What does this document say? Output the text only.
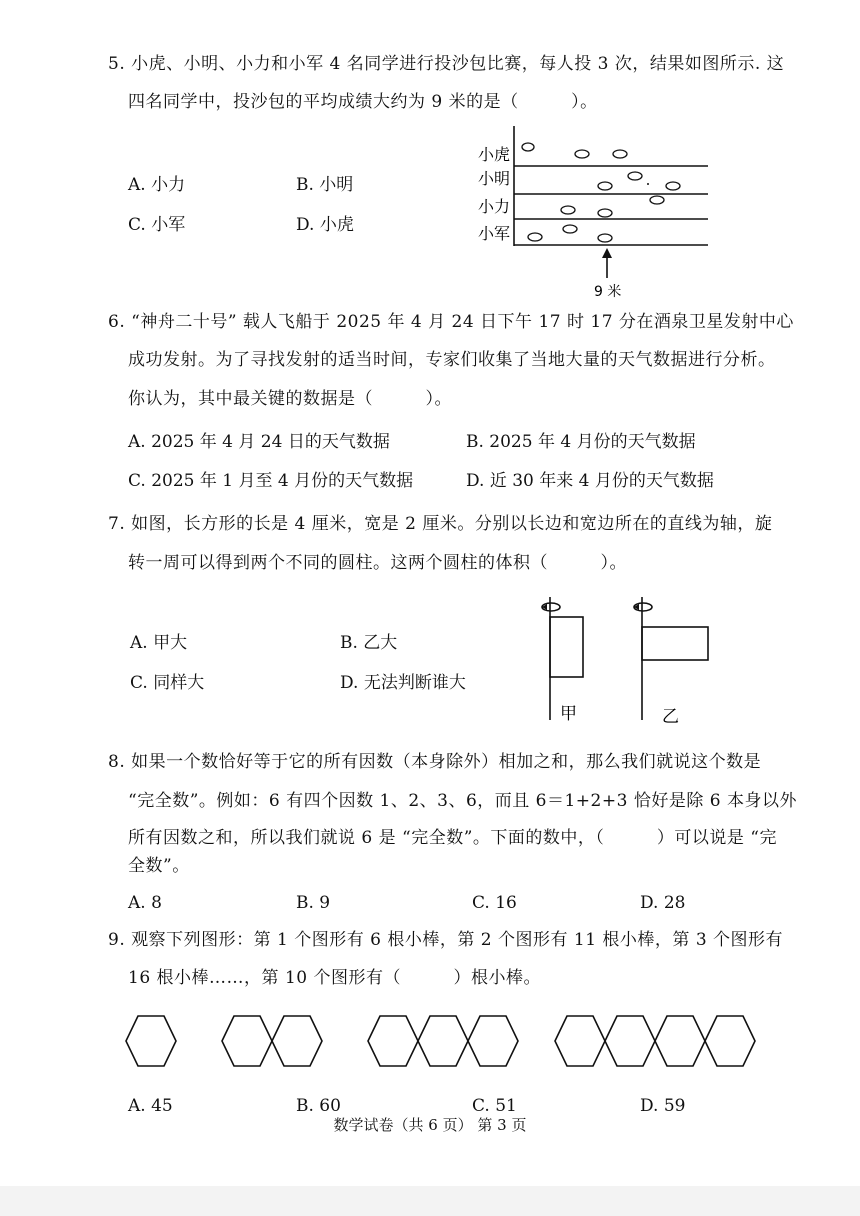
5. 小虎、小明、小力和小军 4 名同学进行投沙包比赛，每人投 3 次，结果如图所示. 这
四名同学中，投沙包的平均成绩大约为 9 米的是（　　　）。
A. 小力	B. 小明
C. 小军	D. 小虎
小虎
小明
小力
小军
9 米
6. “神舟二十号” 载人飞船于 2025 年 4 月 24 日下午 17 时 17 分在酒泉卫星发射中心
成功发射。为了寻找发射的适当时间，专家们收集了当地大量的天气数据进行分析。
你认为，其中最关键的数据是（　　　）。
A. 2025 年 4 月 24 日的天气数据	B. 2025 年 4 月份的天气数据
C. 2025 年 1 月至 4 月份的天气数据	D. 近 30 年来 4 月份的天气数据
7. 如图，长方形的长是 4 厘米，宽是 2 厘米。分别以长边和宽边所在的直线为轴，旋
转一周可以得到两个不同的圆柱。这两个圆柱的体积（　　　）。
A. 甲大	B. 乙大
C. 同样大	D. 无法判断谁大
甲	乙
8. 如果一个数恰好等于它的所有因数（本身除外）相加之和，那么我们就说这个数是
“完全数”。例如：6 有四个因数 1、2、3、6，而且 6＝1+2+3 恰好是除 6 本身以外
所有因数之和，所以我们就说 6 是 “完全数”。下面的数中，（　　　）可以说是 “完
全数”。
A. 8	B. 9	C. 16	D. 28
9. 观察下列图形：第 1 个图形有 6 根小棒，第 2 个图形有 11 根小棒，第 3 个图形有
16 根小棒……，第 10 个图形有（　　　）根小棒。
A. 45	B. 60	C. 51	D. 59
数学试卷（共 6 页） 第 3 页
